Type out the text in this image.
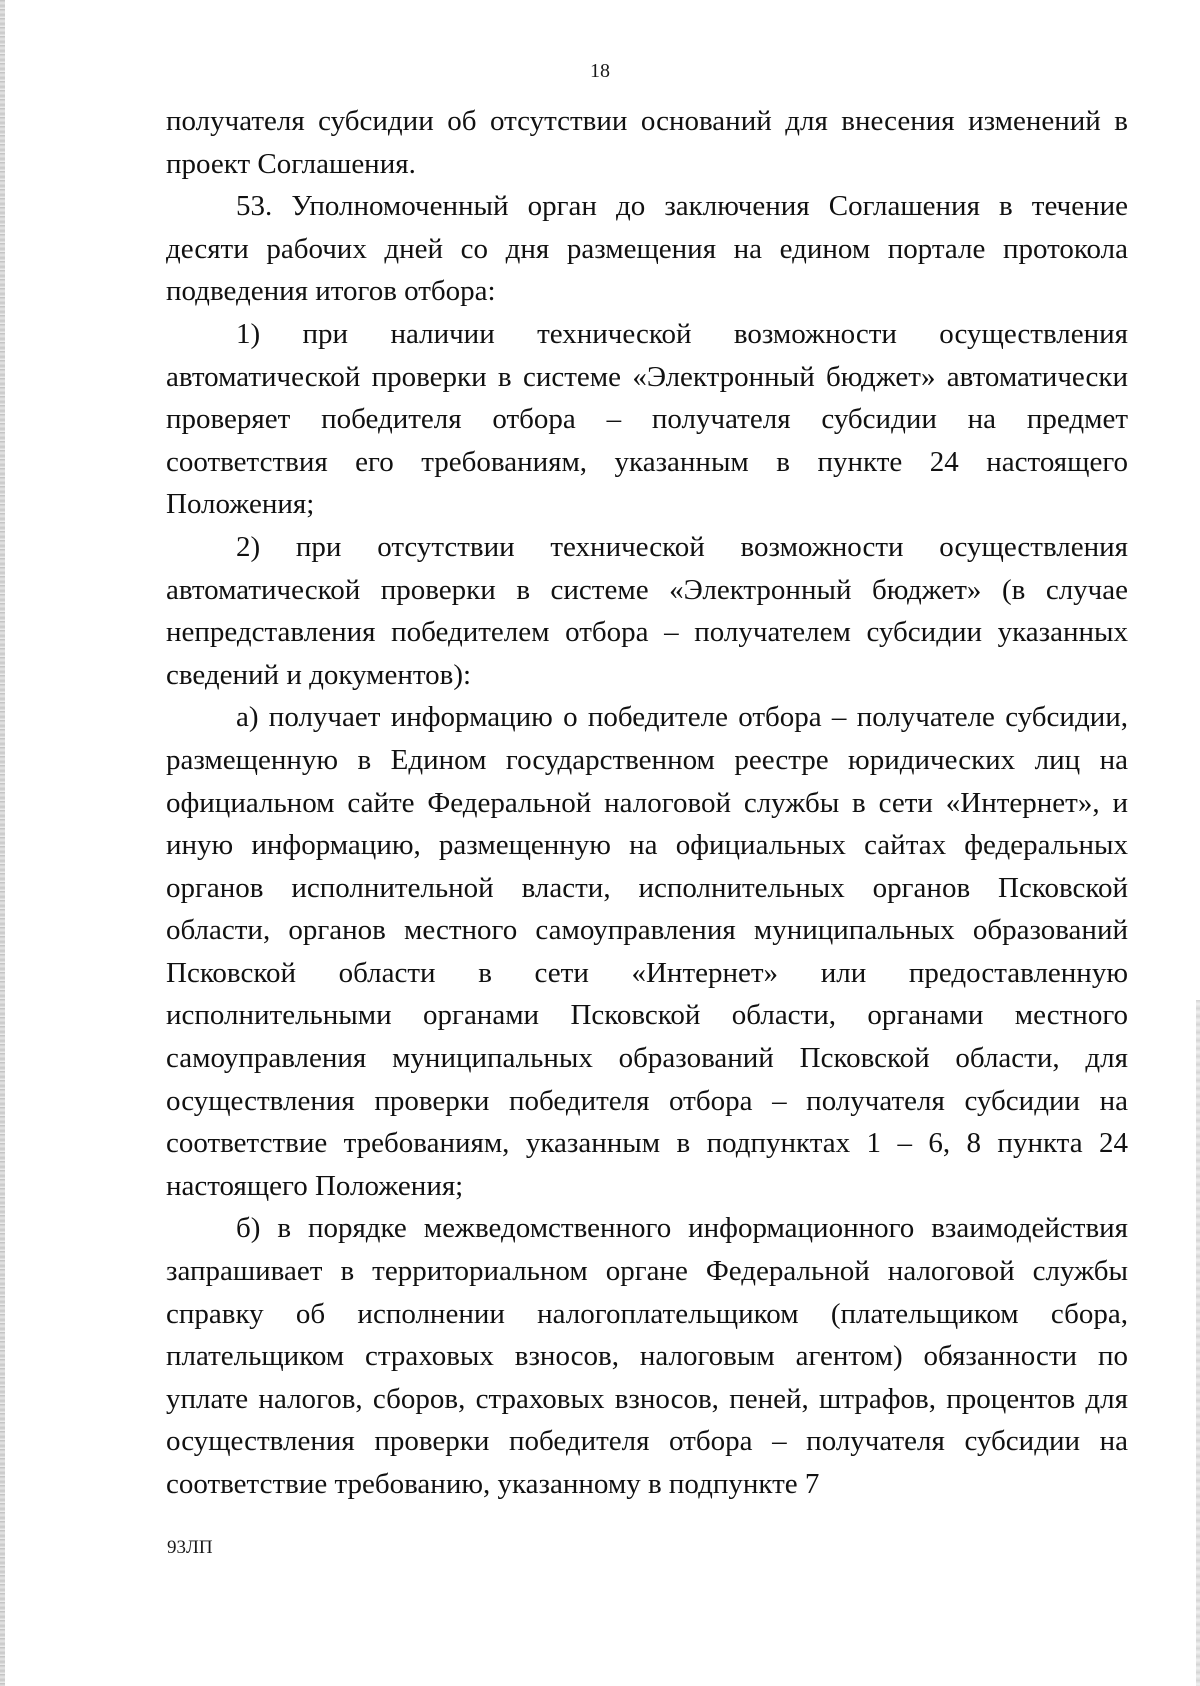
18

получателя субсидии об отсутствии оснований для внесения изменений в проект Соглашения.

53. Уполномоченный орган до заключения Соглашения в течение десяти рабочих дней со дня размещения на едином портале протокола подведения итогов отбора:

1) при наличии технической возможности осуществления автоматической проверки в системе «Электронный бюджет» автоматически проверяет победителя отбора – получателя субсидии на предмет соответствия его требованиям, указанным в пункте 24 настоящего Положения;

2) при отсутствии технической возможности осуществления автоматической проверки в системе «Электронный бюджет» (в случае непредставления победителем отбора – получателем субсидии указанных сведений и документов):

а) получает информацию о победителе отбора – получателе субсидии, размещенную в Едином государственном реестре юридических лиц на официальном сайте Федеральной налоговой службы в сети «Интернет», и иную информацию, размещенную на официальных сайтах федеральных органов исполнительной власти, исполнительных органов Псковской области, органов местного самоуправления муниципальных образований Псковской области в сети «Интернет» или предоставленную исполнительными органами Псковской области, органами местного самоуправления муниципальных образований Псковской области, для осуществления проверки победителя отбора – получателя субсидии на соответствие требованиям, указанным в подпунктах 1 – 6, 8 пункта 24 настоящего Положения;

б) в порядке межведомственного информационного взаимодействия запрашивает в территориальном органе Федеральной налоговой службы справку об исполнении налогоплательщиком (плательщиком сбора, плательщиком страховых взносов, налоговым агентом) обязанности по уплате налогов, сборов, страховых взносов, пеней, штрафов, процентов для осуществления проверки победителя отбора – получателя субсидии на соответствие требованию, указанному в подпункте 7

93ЛП
